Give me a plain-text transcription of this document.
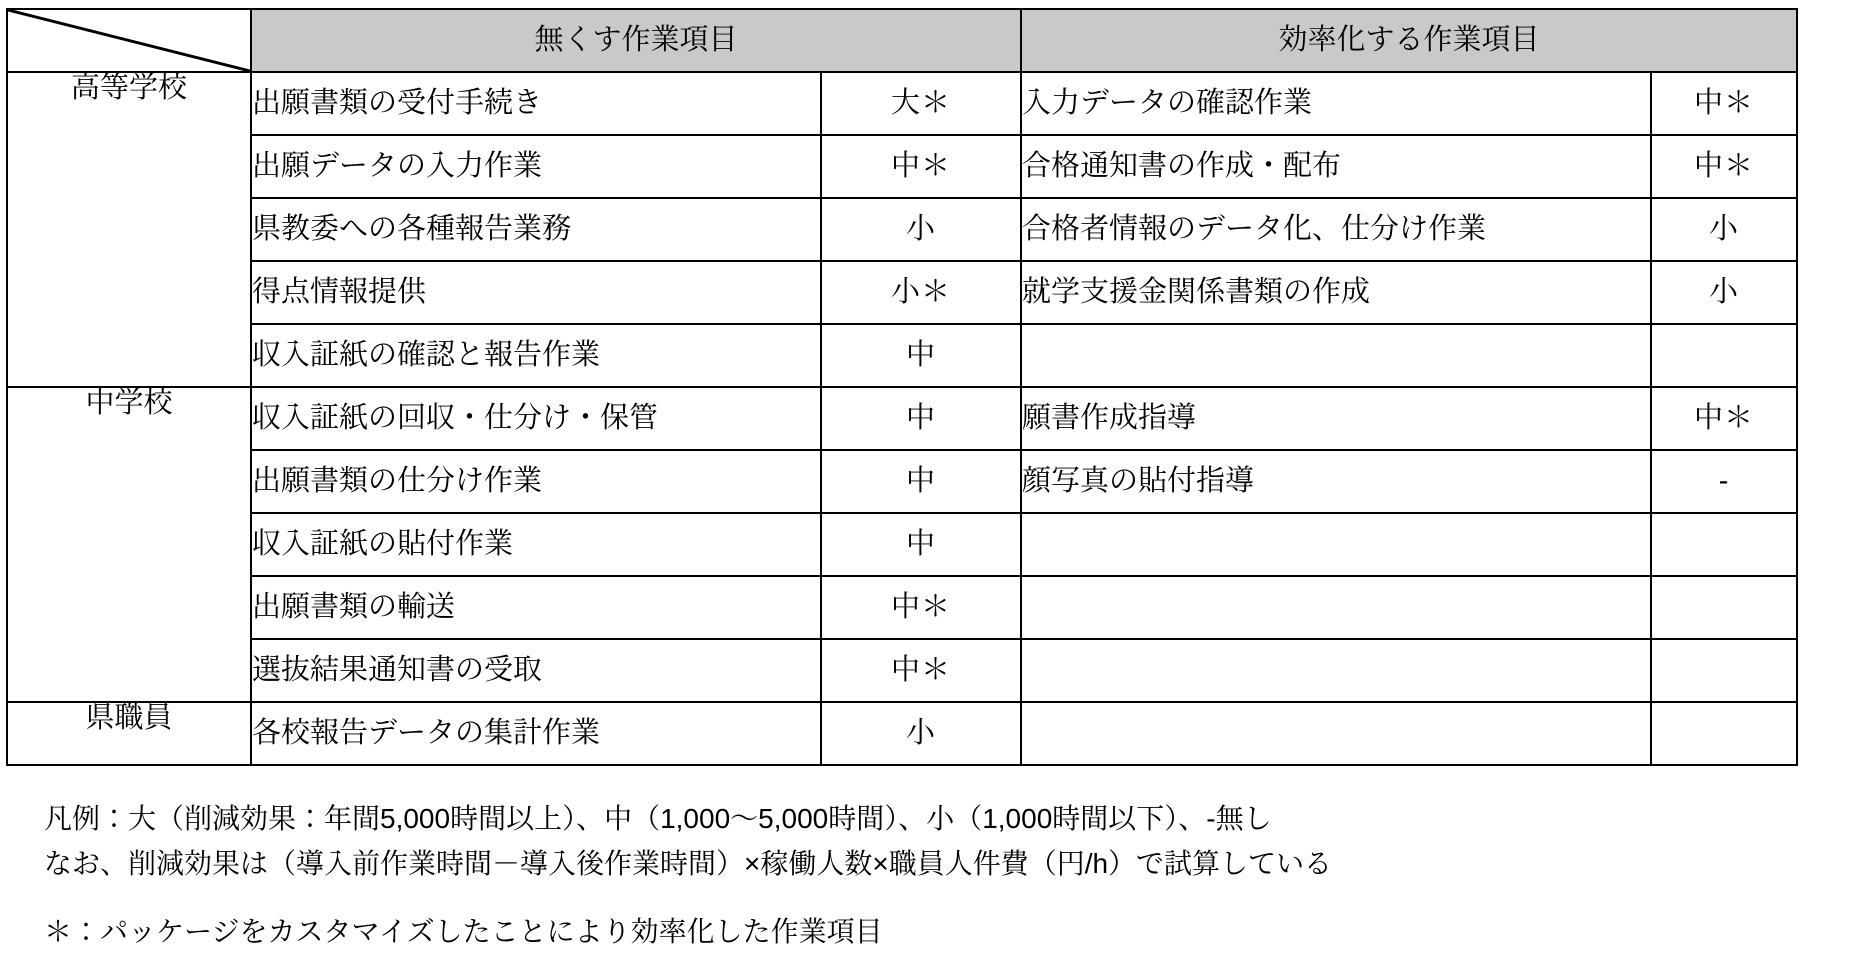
	無くす作業項目		効率化する作業項目	
高等学校	出願書類の受付手続き	大＊	入力データの確認作業	中＊
	出願データの入力作業	中＊	合格通知書の作成・配布	中＊
	県教委への各種報告業務	小	合格者情報のデータ化、仕分け作業	小
	得点情報提供	小＊	就学支援金関係書類の作成	小
	収入証紙の確認と報告作業	中		
中学校	収入証紙の回収・仕分け・保管	中	願書作成指導	中＊
	出願書類の仕分け作業	中	顔写真の貼付指導	-
	収入証紙の貼付作業	中		
	出願書類の輸送	中＊		
	選抜結果通知書の受取	中＊		
県職員	各校報告データの集計作業	小		
凡例：大（削減効果：年間5,000時間以上）、中（1,000～5,000時間）、小（1,000時間以下）、-無し
なお、削減効果は（導入前作業時間－導入後作業時間）×稼働人数×職員人件費（円/h）で試算している
＊：パッケージをカスタマイズしたことにより効率化した作業項目
